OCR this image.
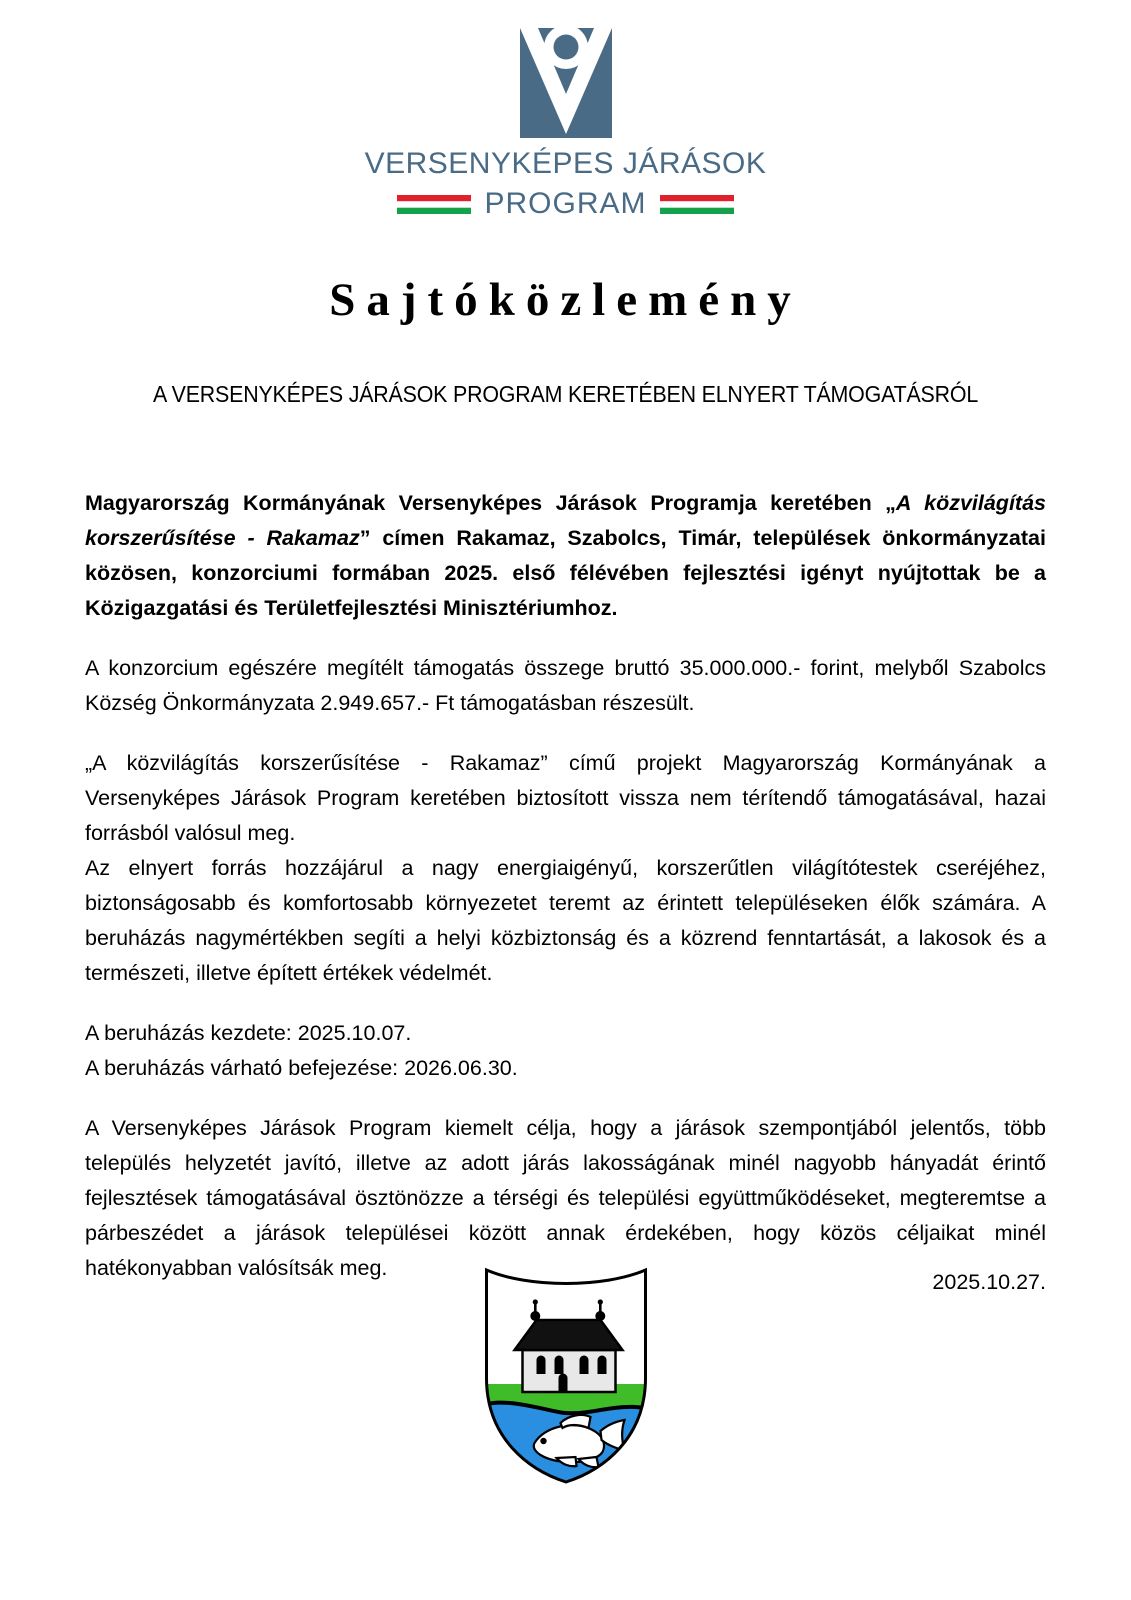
VERSENYKÉPES JÁRÁSOK
PROGRAM
Sajtóközlemény
A VERSENYKÉPES JÁRÁSOK PROGRAM KERETÉBEN ELNYERT TÁMOGATÁSRÓL

Magyarország Kormányának Versenyképes Járások Programja keretében „A közvilágítás korszerűsítése - Rakamaz” címen Rakamaz, Szabolcs, Timár, települések önkormányzatai közösen, konzorciumi formában 2025. első félévében fejlesztési igényt nyújtottak be a Közigazgatási és Területfejlesztési Minisztériumhoz.

A konzorcium egészére megítélt támogatás összege bruttó 35.000.000.- forint, melyből Szabolcs Község Önkormányzata 2.949.657.- Ft támogatásban részesült.

„A közvilágítás korszerűsítése - Rakamaz” című projekt Magyarország Kormányának a Versenyképes Járások Program keretében biztosított vissza nem térítendő támogatásával, hazai forrásból valósul meg.

Az elnyert forrás hozzájárul a nagy energiaigényű, korszerűtlen világítótestek cseréjéhez, biztonságosabb és komfortosabb környezetet teremt az érintett településeken élők számára. A beruházás nagymértékben segíti a helyi közbiztonság és a közrend fenntartását, a lakosok és a természeti, illetve épített értékek védelmét.

A beruházás kezdete: 2025.10.07.

A beruházás várható befejezése: 2026.06.30.

A Versenyképes Járások Program kiemelt célja, hogy a járások szempontjából jelentős, több település helyzetét javító, illetve az adott járás lakosságának minél nagyobb hányadát érintő fejlesztések támogatásával ösztönözze a térségi és települési együttműködéseket, megteremtse a párbeszédet a járások települései között annak érdekében, hogy közös céljaikat minél hatékonyabban valósítsák meg.

2025.10.27.
